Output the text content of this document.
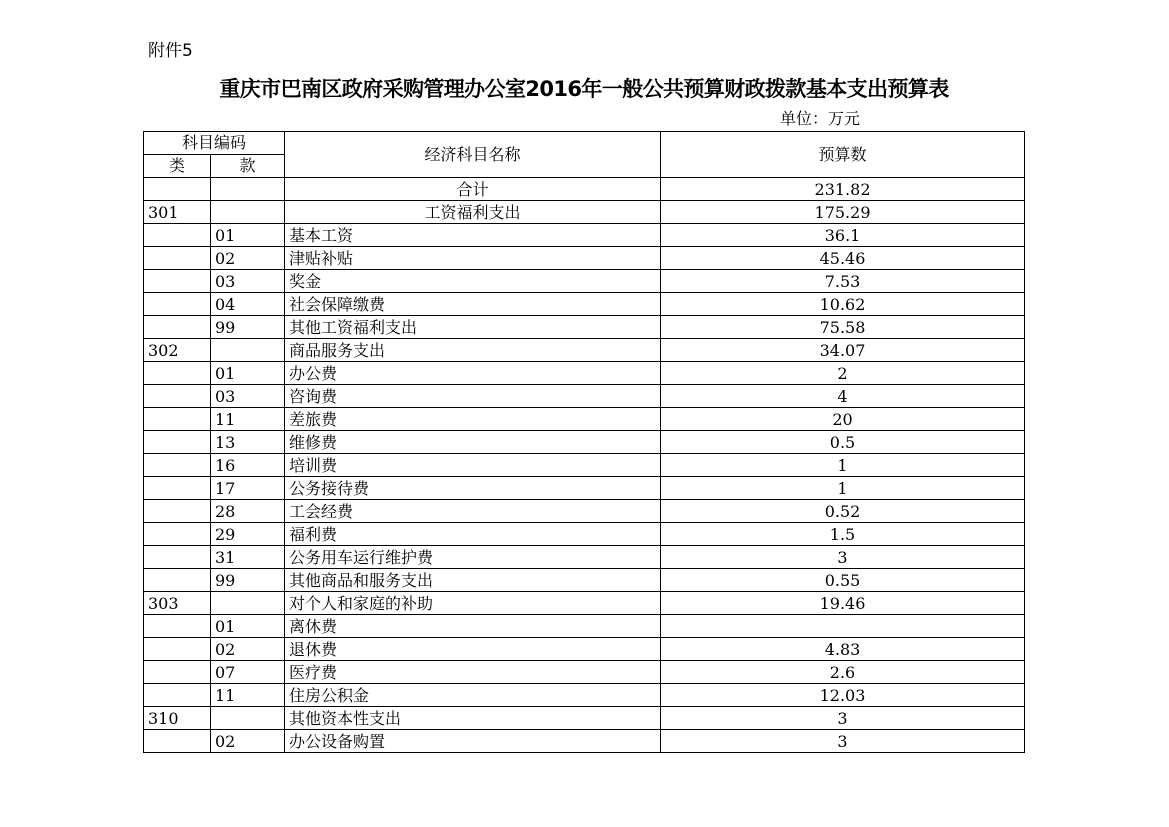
附件5
重庆市巴南区政府采购管理办公室2016年一般公共预算财政拨款基本支出预算表
单位：万元
科目编码		经济科目名称	预算数
类	款		
		合计	231.82
301		工资福利支出	175.29
	01	基本工资	36.1
	02	津贴补贴	45.46
	03	奖金	7.53
	04	社会保障缴费	10.62
	99	其他工资福利支出	75.58
302		商品服务支出	34.07
	01	办公费	2
	03	咨询费	4
	11	差旅费	20
	13	维修费	0.5
	16	培训费	1
	17	公务接待费	1
	28	工会经费	0.52
	29	福利费	1.5
	31	公务用车运行维护费	3
	99	其他商品和服务支出	0.55
303		对个人和家庭的补助	19.46
	01	离休费	
	02	退休费	4.83
	07	医疗费	2.6
	11	住房公积金	12.03
310		其他资本性支出	3
	02	办公设备购置	3
